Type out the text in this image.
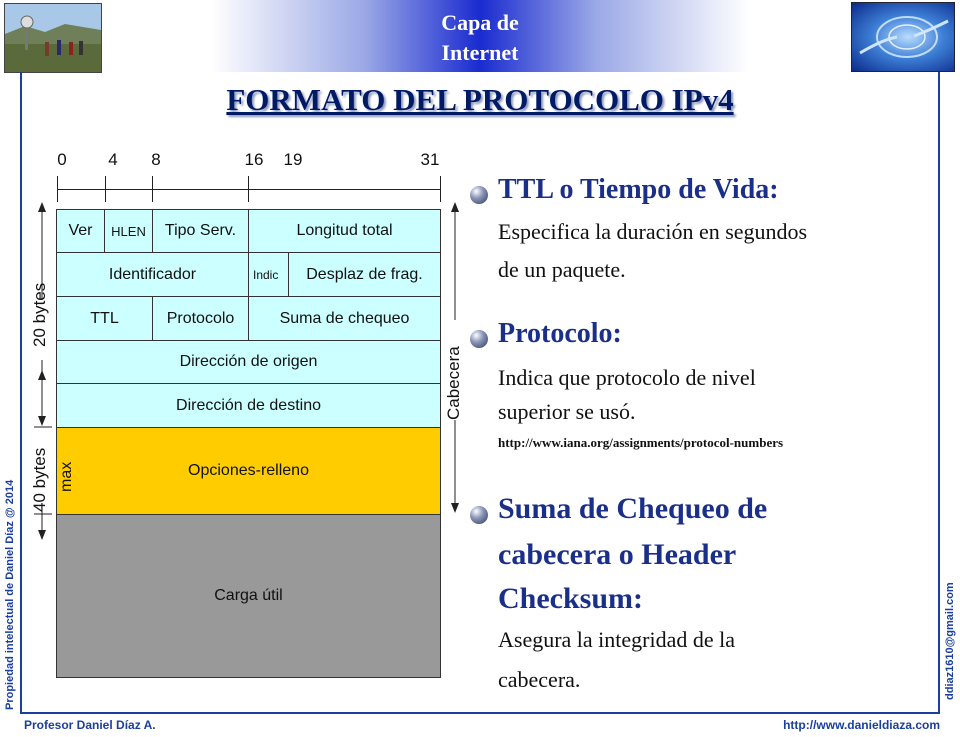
Capa de
Internet
FORMATO DEL PROTOCOLO IPv4
Propiedad intelectual de Daniel Díaz @ 2014	ddiaz1610@gmail.com
Profesor Daniel Díaz A.	http://www.danieldiaza.com
0 4 8	16 19	31
Ver	HLEN	Tipo Serv.	Longitud total
Identificador	Indic	Desplaz de frag.
TTL	Protocolo	Suma de chequeo
Dirección de origen
Dirección de destino
Opciones-relleno
Carga útil
20 bytes
40 bytes max
Cabecera
TTL o Tiempo de Vida:
Especifica la duración en segundos
de un paquete.
Protocolo:
Indica que protocolo de nivel
superior se usó.
http://www.iana.org/assignments/protocol-numbers
Suma de Chequeo de
cabecera o Header
Checksum:
Asegura la integridad de la
cabecera.
